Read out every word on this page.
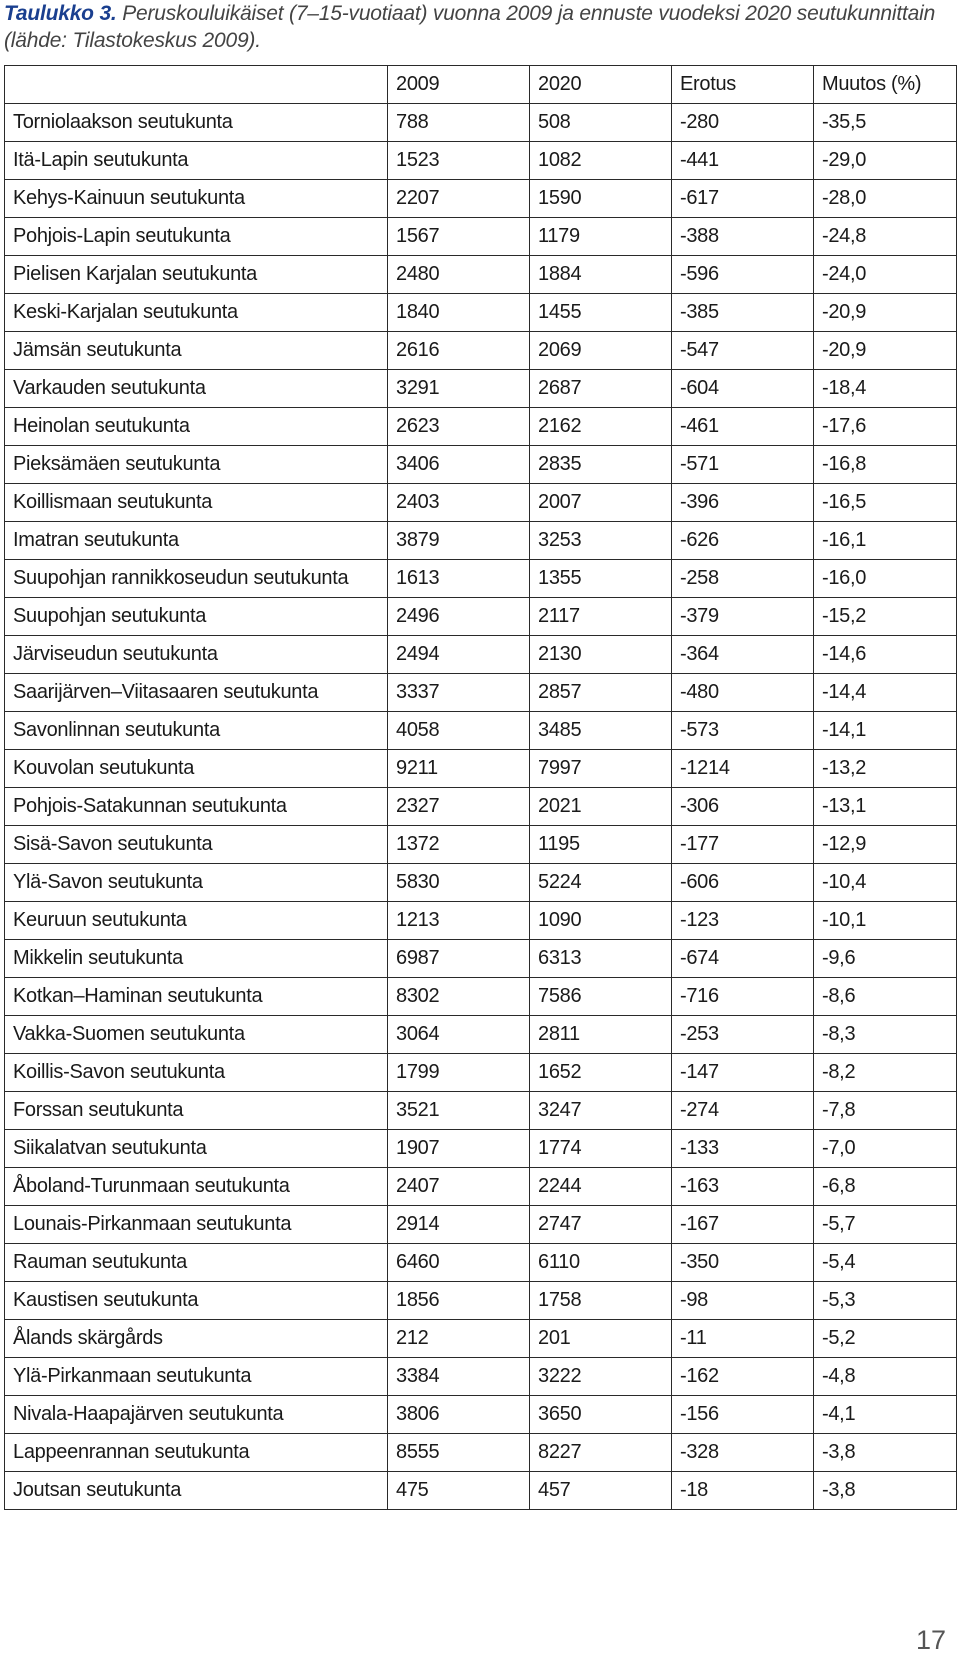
Taulukko 3. Peruskouluikäiset (7–15-vuotiaat) vuonna 2009 ja ennuste vuodeksi 2020 seutukunnittain (lähde: Tilastokeskus 2009).
	2009	2020	Erotus	Muutos (%)
Torniolaakson seutukunta	788	508	-280	-35,5
Itä-Lapin seutukunta	1523	1082	-441	-29,0
Kehys-Kainuun seutukunta	2207	1590	-617	-28,0
Pohjois-Lapin seutukunta	1567	1179	-388	-24,8
Pielisen Karjalan seutukunta	2480	1884	-596	-24,0
Keski-Karjalan seutukunta	1840	1455	-385	-20,9
Jämsän seutukunta	2616	2069	-547	-20,9
Varkauden seutukunta	3291	2687	-604	-18,4
Heinolan seutukunta	2623	2162	-461	-17,6
Pieksämäen seutukunta	3406	2835	-571	-16,8
Koillismaan seutukunta	2403	2007	-396	-16,5
Imatran seutukunta	3879	3253	-626	-16,1
Suupohjan rannikkoseudun seutukunta	1613	1355	-258	-16,0
Suupohjan seutukunta	2496	2117	-379	-15,2
Järviseudun seutukunta	2494	2130	-364	-14,6
Saarijärven–Viitasaaren seutukunta	3337	2857	-480	-14,4
Savonlinnan seutukunta	4058	3485	-573	-14,1
Kouvolan seutukunta	9211	7997	-1214	-13,2
Pohjois-Satakunnan seutukunta	2327	2021	-306	-13,1
Sisä-Savon seutukunta	1372	1195	-177	-12,9
Ylä-Savon seutukunta	5830	5224	-606	-10,4
Keuruun seutukunta	1213	1090	-123	-10,1
Mikkelin seutukunta	6987	6313	-674	-9,6
Kotkan–Haminan seutukunta	8302	7586	-716	-8,6
Vakka-Suomen seutukunta	3064	2811	-253	-8,3
Koillis-Savon seutukunta	1799	1652	-147	-8,2
Forssan seutukunta	3521	3247	-274	-7,8
Siikalatvan seutukunta	1907	1774	-133	-7,0
Åboland-Turunmaan seutukunta	2407	2244	-163	-6,8
Lounais-Pirkanmaan seutukunta	2914	2747	-167	-5,7
Rauman seutukunta	6460	6110	-350	-5,4
Kaustisen seutukunta	1856	1758	-98	-5,3
Ålands skärgårds	212	201	-11	-5,2
Ylä-Pirkanmaan seutukunta	3384	3222	-162	-4,8
Nivala-Haapajärven seutukunta	3806	3650	-156	-4,1
Lappeenrannan seutukunta	8555	8227	-328	-3,8
Joutsan seutukunta	475	457	-18	-3,8
17
